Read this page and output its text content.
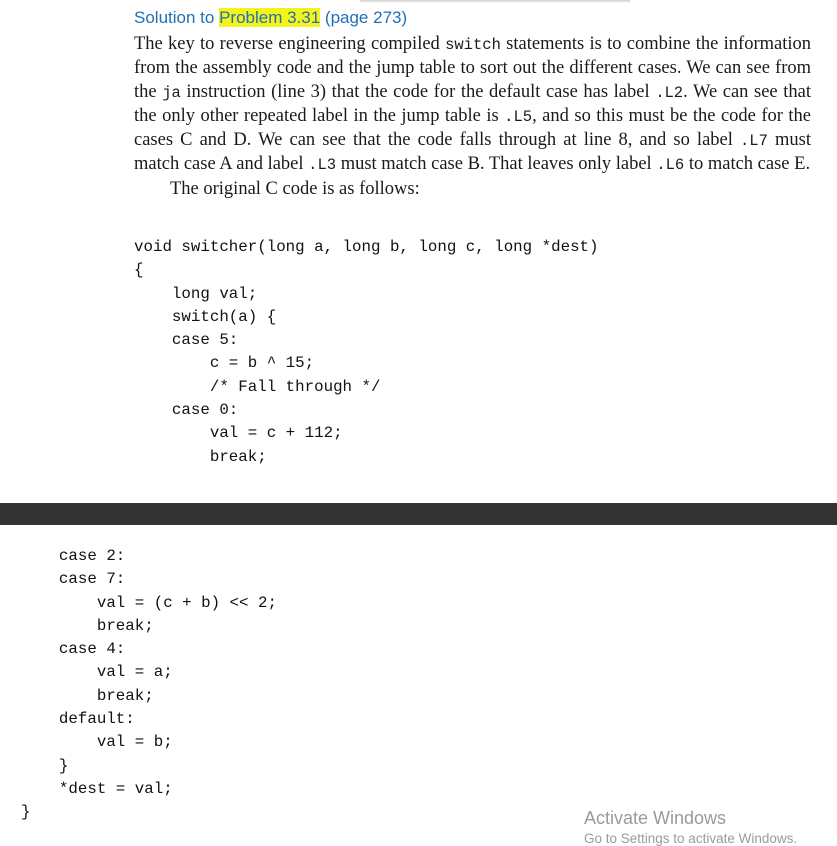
Solution to Problem 3.31 (page 273)

The key to reverse engineering compiled switch statements is to combine the information from the assembly code and the jump table to sort out the different cases. We can see from the ja instruction (line 3) that the code for the default case has label .L2. We can see that the only other repeated label in the jump table is .L5, and so this must be the code for the cases C and D. We can see that the code falls through at line 8, and so label .L7 must match case A and label .L3 must match case B. That leaves only label .L6 to match case E.

The original C code is as follows:

void switcher(long a, long b, long c, long *dest)
{
long val;
switch(a) {
case 5:
c = b ^ 15;
/* Fall through */
case 0:
val = c + 112;
break;
case 2:
case 7:
val = (c + b) << 2;
break;
case 4:
val = a;
break;
default:
val = b;
}
*dest = val;
}	Activate Windows
Go to Settings to activate Windows.
